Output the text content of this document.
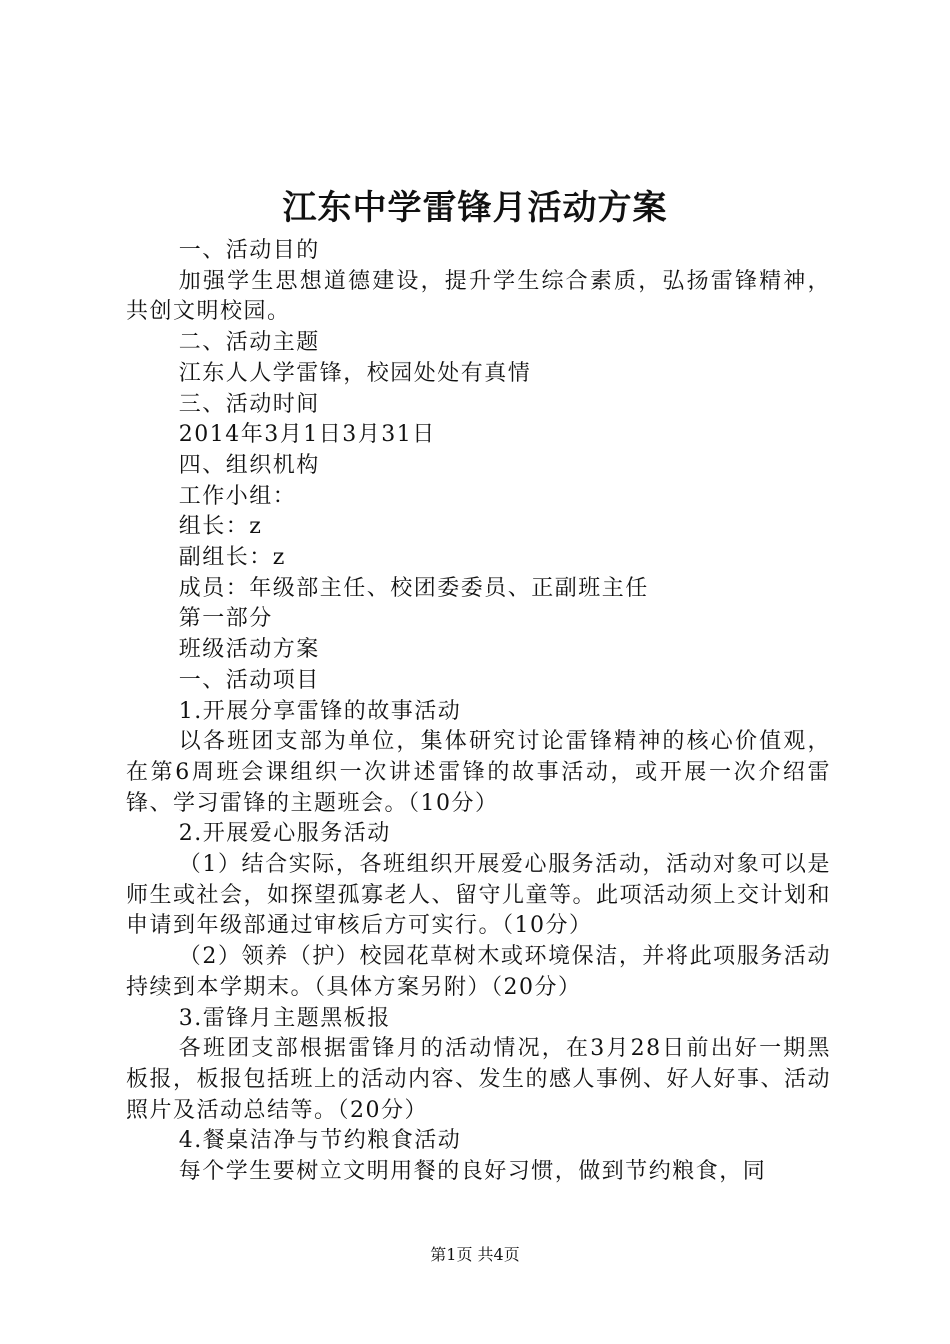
江东中学雷锋月活动方案

一、活动目的

加强学生思想道德建设，提升学生综合素质，弘扬雷锋精神，共创文明校园。

二、活动主题

江东人人学雷锋，校园处处有真情

三、活动时间

2014年3月1日3月31日

四、组织机构

工作小组：

组长：z

副组长：z

成员：年级部主任、校团委委员、正副班主任

第一部分

班级活动方案

一、活动项目

1.开展分享雷锋的故事活动

以各班团支部为单位，集体研究讨论雷锋精神的核心价值观，在第6周班会课组织一次讲述雷锋的故事活动，或开展一次介绍雷锋、学习雷锋的主题班会。（10分）

2.开展爱心服务活动

（1）结合实际，各班组织开展爱心服务活动，活动对象可以是师生或社会，如探望孤寡老人、留守儿童等。此项活动须上交计划和申请到年级部通过审核后方可实行。（10分）

（2）领养（护）校园花草树木或环境保洁，并将此项服务活动持续到本学期末。（具体方案另附）（20分）

3.雷锋月主题黑板报

各班团支部根据雷锋月的活动情况，在3月28日前出好一期黑板报，板报包括班上的活动内容、发生的感人事例、好人好事、活动照片及活动总结等。（20分）

4.餐桌洁净与节约粮食活动

每个学生要树立文明用餐的良好习惯，做到节约粮食，同

第1页 共4页
